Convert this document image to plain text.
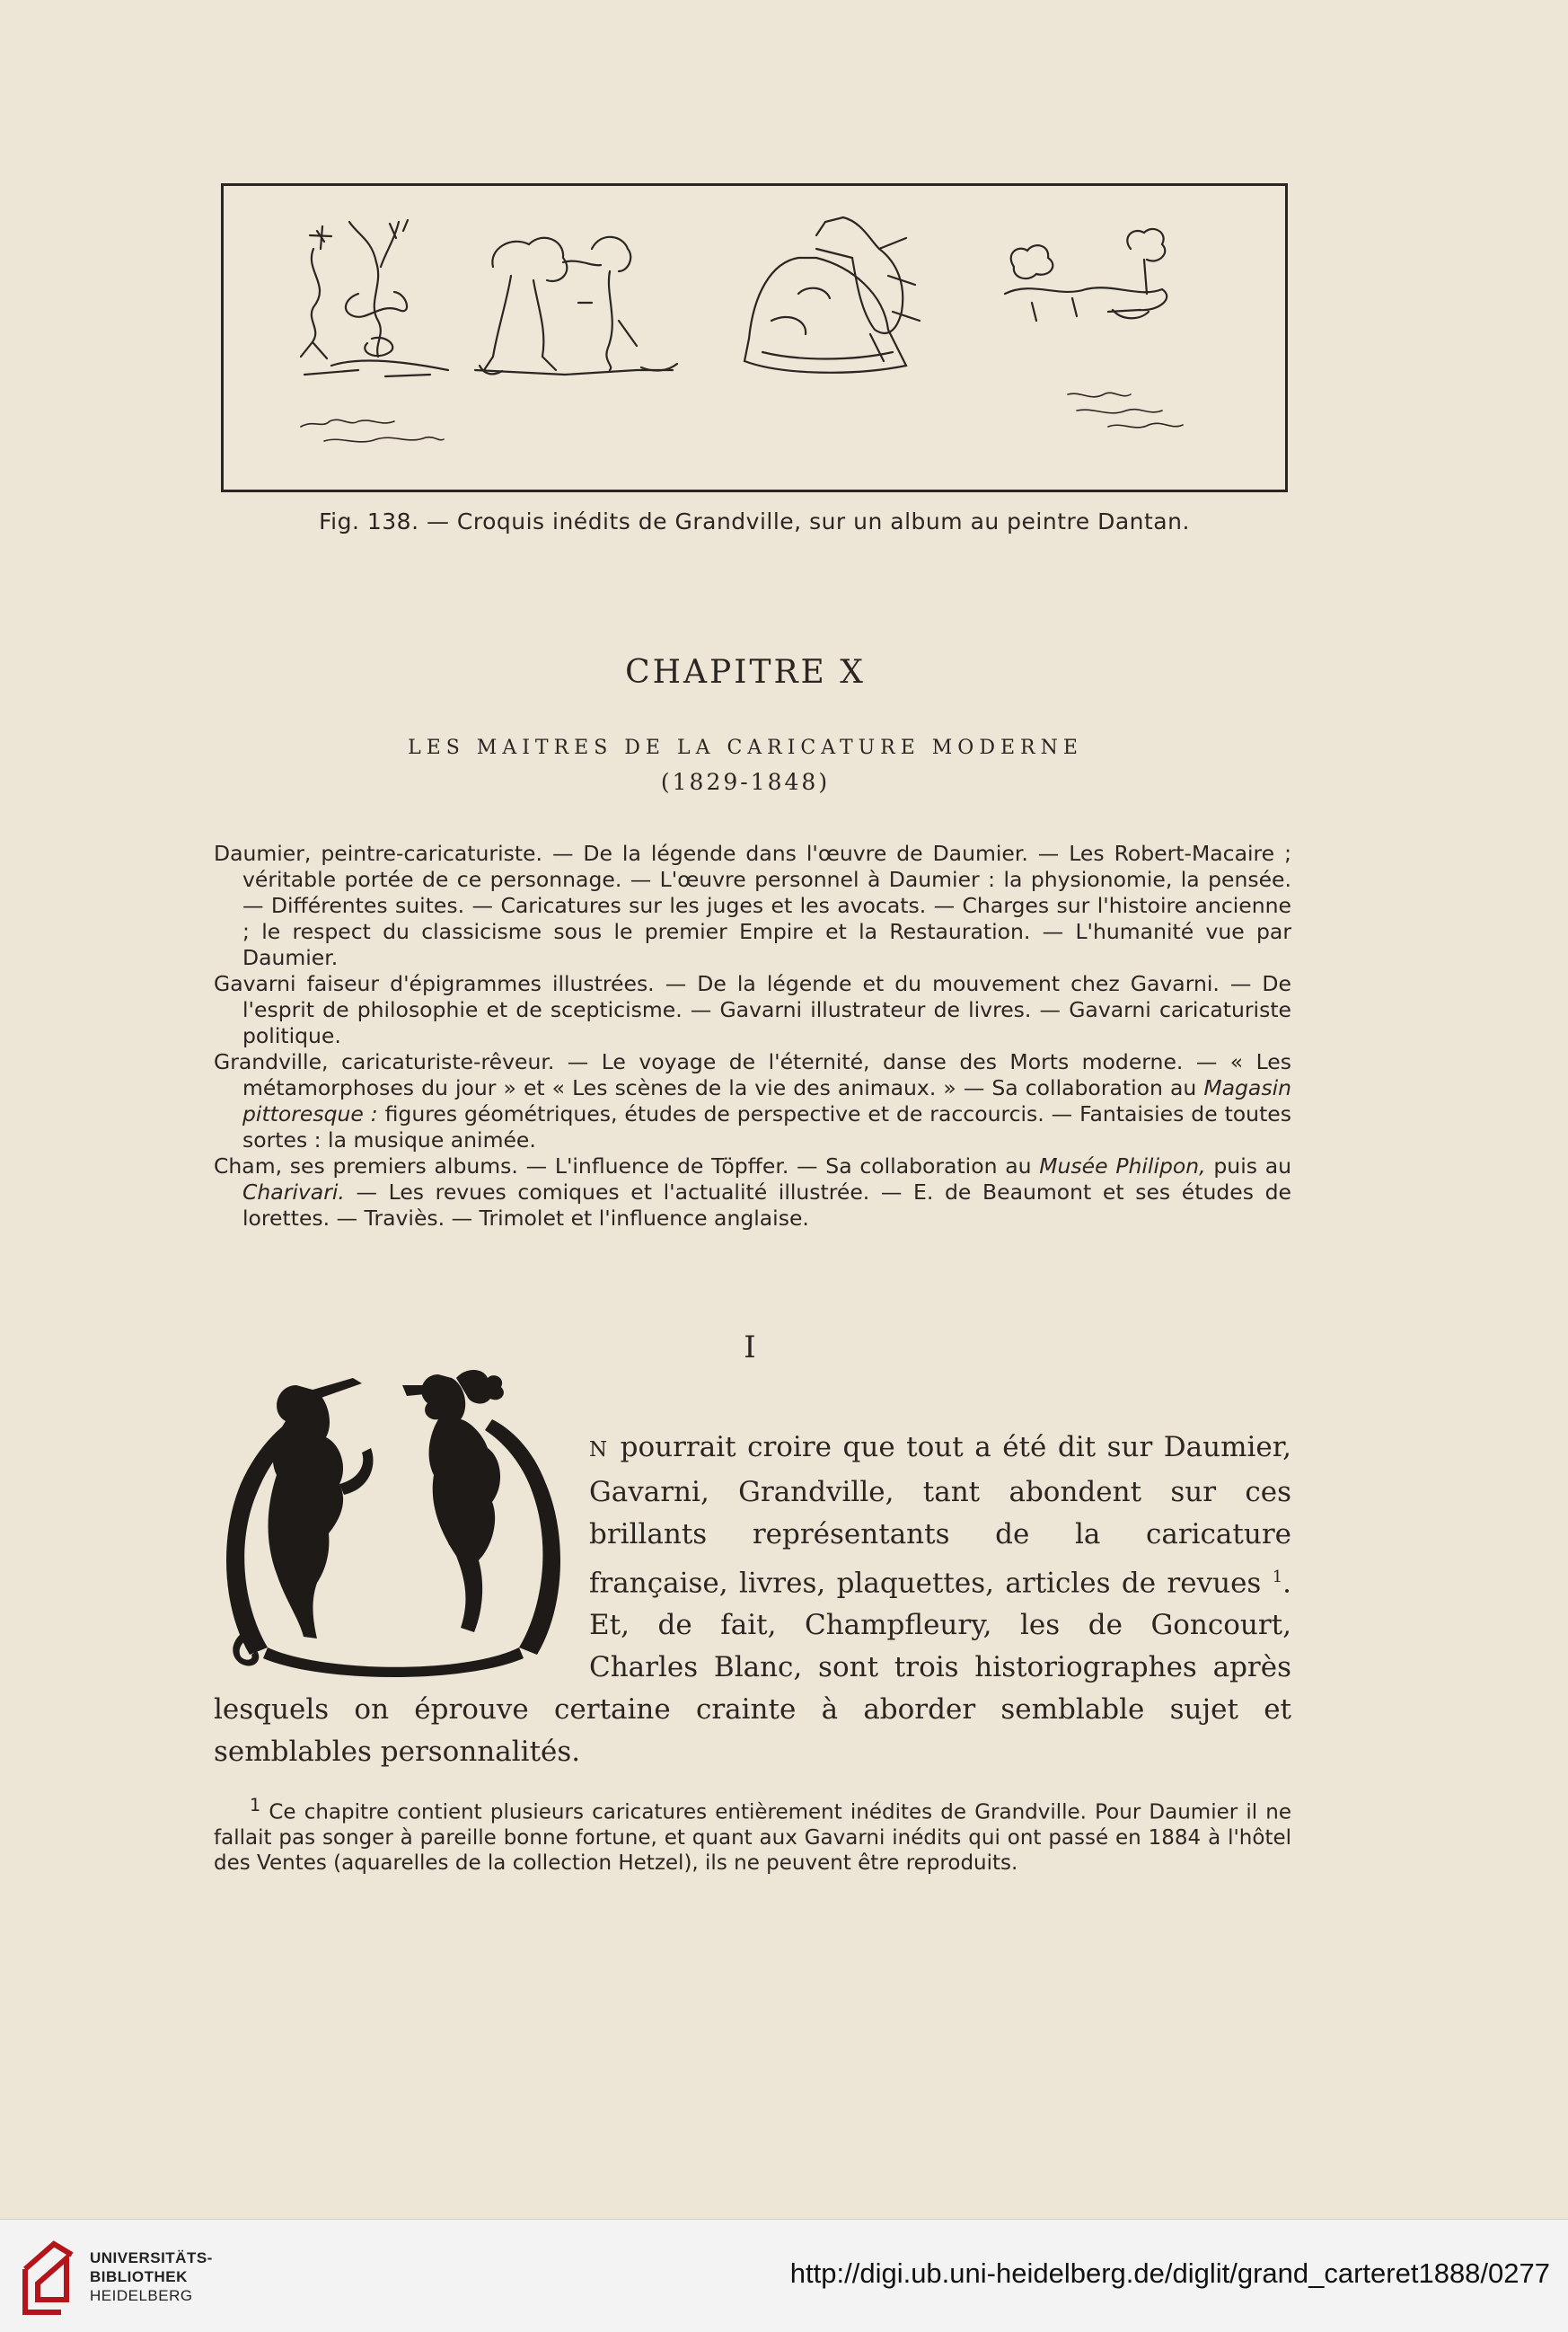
Fig. 138. — Croquis inédits de Grandville, sur un album au peintre Dantan.
CHAPITRE X
LES MAITRES DE LA CARICATURE MODERNE
(1829-1848)

Daumier, peintre-caricaturiste. — De la légende dans l'œuvre de Daumier. — Les Robert-Macaire ; véritable portée de ce personnage. — L'œuvre personnel à Daumier : la physionomie, la pensée. — Différentes suites. — Caricatures sur les juges et les avocats. — Charges sur l'histoire ancienne ; le respect du classicisme sous le premier Empire et la Restauration. — L'humanité vue par Daumier.

Gavarni faiseur d'épigrammes illustrées. — De la légende et du mouvement chez Gavarni. — De l'esprit de philosophie et de scepticisme. — Gavarni illustrateur de livres. — Gavarni caricaturiste politique.

Grandville, caricaturiste-rêveur. — Le voyage de l'éternité, danse des Morts moderne. — « Les métamorphoses du jour » et « Les scènes de la vie des animaux. » — Sa collaboration au Magasin pittoresque : figures géométriques, études de perspective et de raccourcis. — Fantaisies de toutes sortes : la musique animée.

Cham, ses premiers albums. — L'influence de Töpffer. — Sa collaboration au Musée Philipon, puis au Charivari. — Les revues comiques et l'actualité illustrée. — E. de Beaumont et ses études de lorettes. — Traviès. — Trimolet et l'influence anglaise.

I
N pourrait croire que tout a été dit sur Daumier, Gavarni, Grandville, tant abondent sur ces brillants représentants de la caricature française, livres, plaquettes, articles de revues $^1$. Et, de fait, Champfleury, les de Goncourt, Charles Blanc, sont trois historiographes après lesquels on éprouve certaine crainte à aborder semblable sujet et semblables personnalités.
$^1$ Ce chapitre contient plusieurs caricatures entièrement inédites de Grandville. Pour Daumier il ne fallait pas songer à pareille bonne fortune, et quant aux Gavarni inédits qui ont passé en 1884 à l'hôtel des Ventes (aquarelles de la collection Hetzel), ils ne peuvent être reproduits.
UNIVERSITÄTS-
BIBLIOTHEK
HEIDELBERG
http://digi.ub.uni-heidelberg.de/diglit/grand_carteret1888/0277
